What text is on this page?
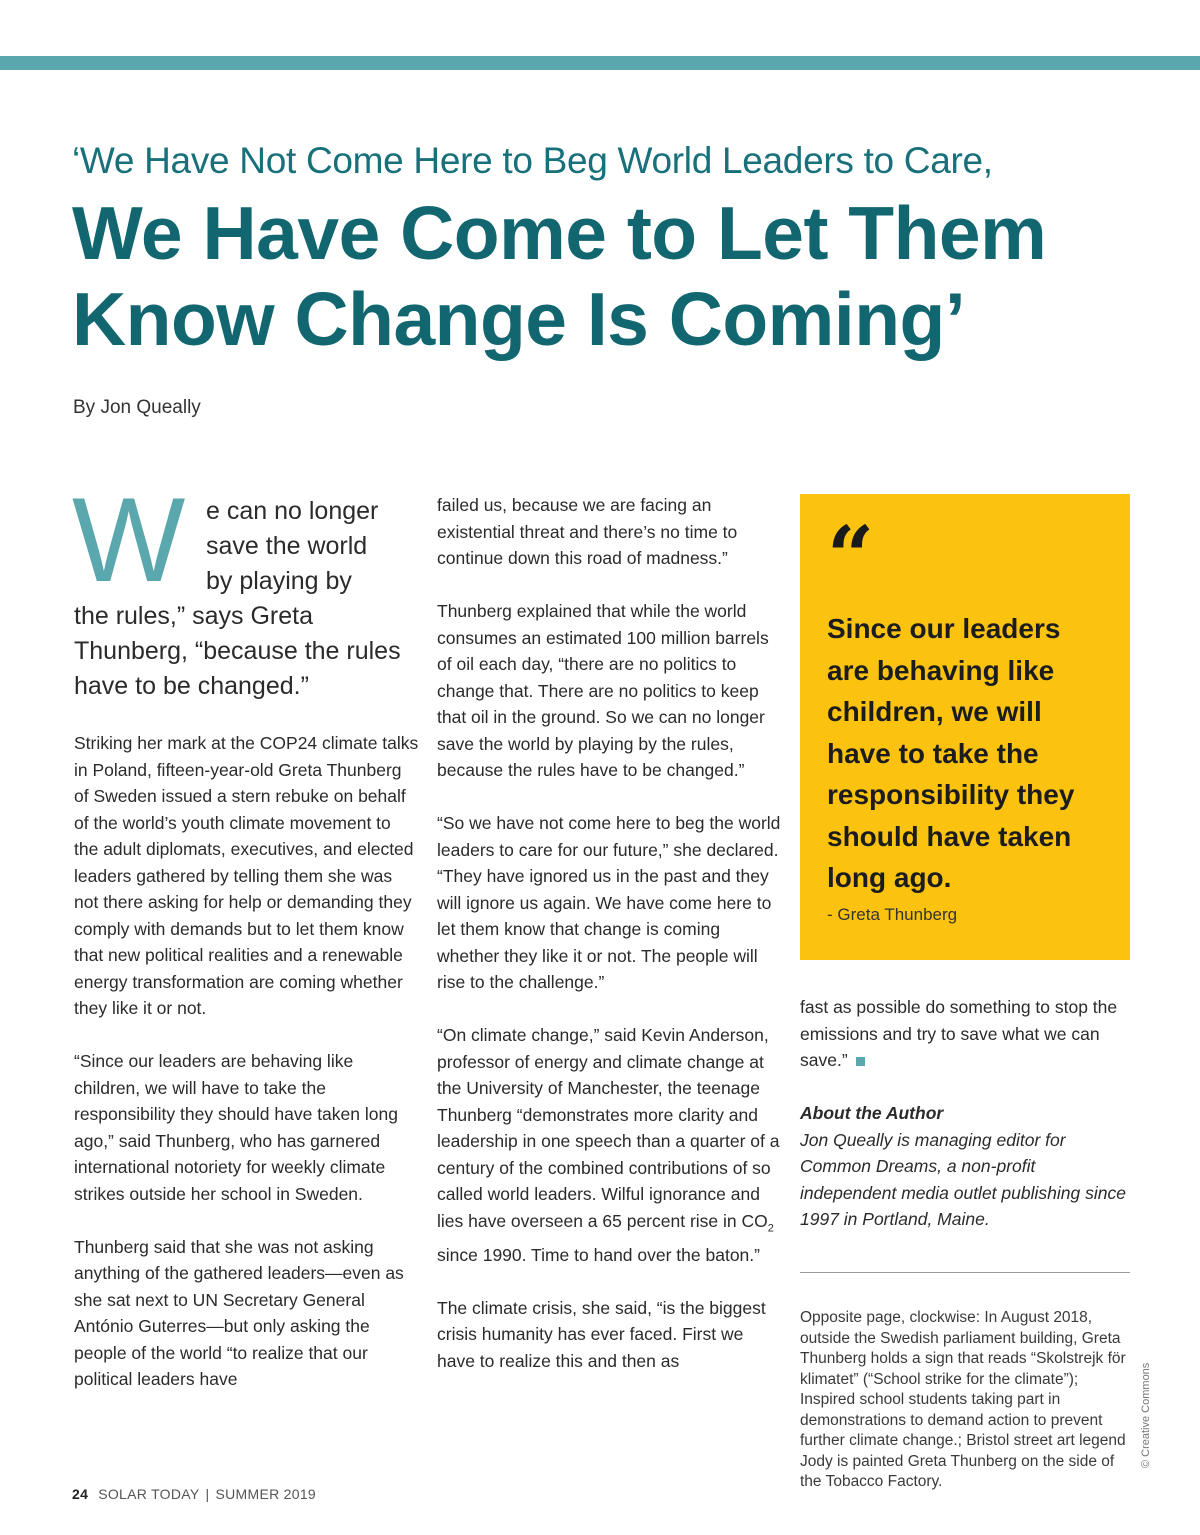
‘We Have Not Come Here to Beg World Leaders to Care,
We Have Come to Let Them
Know Change Is Coming’
By Jon Queally
W e can no longer
save the world
by playing by
the rules,” says Greta Thunberg, “because the rules have to be changed.”

Striking her mark at the COP24 climate talks in Poland, fifteen-year-old Greta Thunberg of Sweden issued a stern rebuke on behalf of the world’s youth climate movement to the adult diplomats, executives, and elected leaders gathered by telling them she was not there asking for help or demanding they comply with demands but to let them know that new political realities and a renewable energy transformation are coming whether they like it or not.

“Since our leaders are behaving like children, we will have to take the responsibility they should have taken long ago,” said Thunberg, who has garnered international notoriety for weekly climate strikes outside her school in Sweden.

Thunberg said that she was not asking anything of the gathered leaders—even as she sat next to UN Secretary General António Guterres—but only asking the people of the world “to realize that our political leaders have

failed us, because we are facing an existential threat and there’s no time to continue down this road of madness.”

Thunberg explained that while the world consumes an estimated 100 million barrels of oil each day, “there are no politics to change that. There are no politics to keep that oil in the ground. So we can no longer save the world by playing by the rules, because the rules have to be changed.”

“So we have not come here to beg the world leaders to care for our future,” she declared. “They have ignored us in the past and they will ignore us again. We have come here to let them know that change is coming whether they like it or not. The people will rise to the challenge.”

“On climate change,” said Kevin Anderson, professor of energy and climate change at the University of Manchester, the teenage Thunberg “demonstrates more clarity and leadership in one speech than a quarter of a century of the combined contributions of so called world leaders. Wilful ignorance and lies have overseen a 65 percent rise in $CO_2$ since 1990. Time to hand over the baton.”

The climate crisis, she said, “is the biggest crisis humanity has ever faced. First we have to realize this and then as

“
Since our leaders are behaving like children, we will have to take the responsibility they should have taken long ago.
- Greta Thunberg

fast as possible do something to stop the emissions and try to save what we can save.”

About the Author
Jon Queally is managing editor for Common Dreams, a non-profit independent media outlet publishing since 1997 in Portland, Maine.
Opposite page, clockwise: In August 2018, outside the Swedish parliament building, Greta Thunberg holds a sign that reads “Skolstrejk för klimatet” (“School strike for the climate”); Inspired school students taking part in demonstrations to demand action to prevent further climate change.; Bristol street art legend Jody is painted Greta Thunberg on the side of the Tobacco Factory.
© Creative Commons
24 SOLAR TODAY | SUMMER 2019
